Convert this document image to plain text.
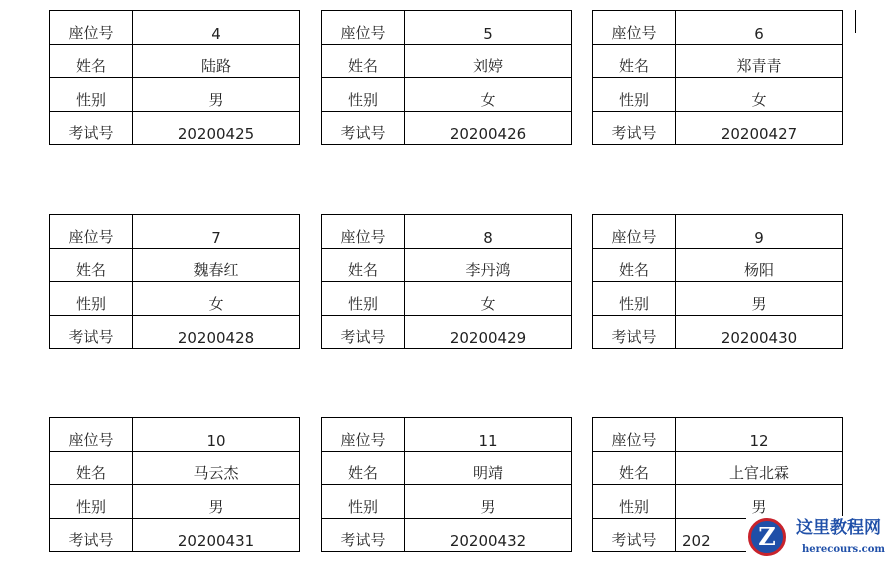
座位号	4
姓名	陆路
性别	男
考试号	20200425
座位号	5
姓名	刘婷
性别	女
考试号	20200426
座位号	6
姓名	郑青青
性别	女
考试号	20200427
座位号	7
姓名	魏春红
性别	女
考试号	20200428
座位号	8
姓名	李丹鸿
性别	女
考试号	20200429
座位号	9
姓名	杨阳
性别	男
考试号	20200430
座位号	10
姓名	马云杰
性别	男
考试号	20200431
座位号	11
姓名	明靖
性别	男
考试号	20200432
座位号	12
姓名	上官北霖
性别	男
考试号	202	Z	这里教程网
herecours.com
